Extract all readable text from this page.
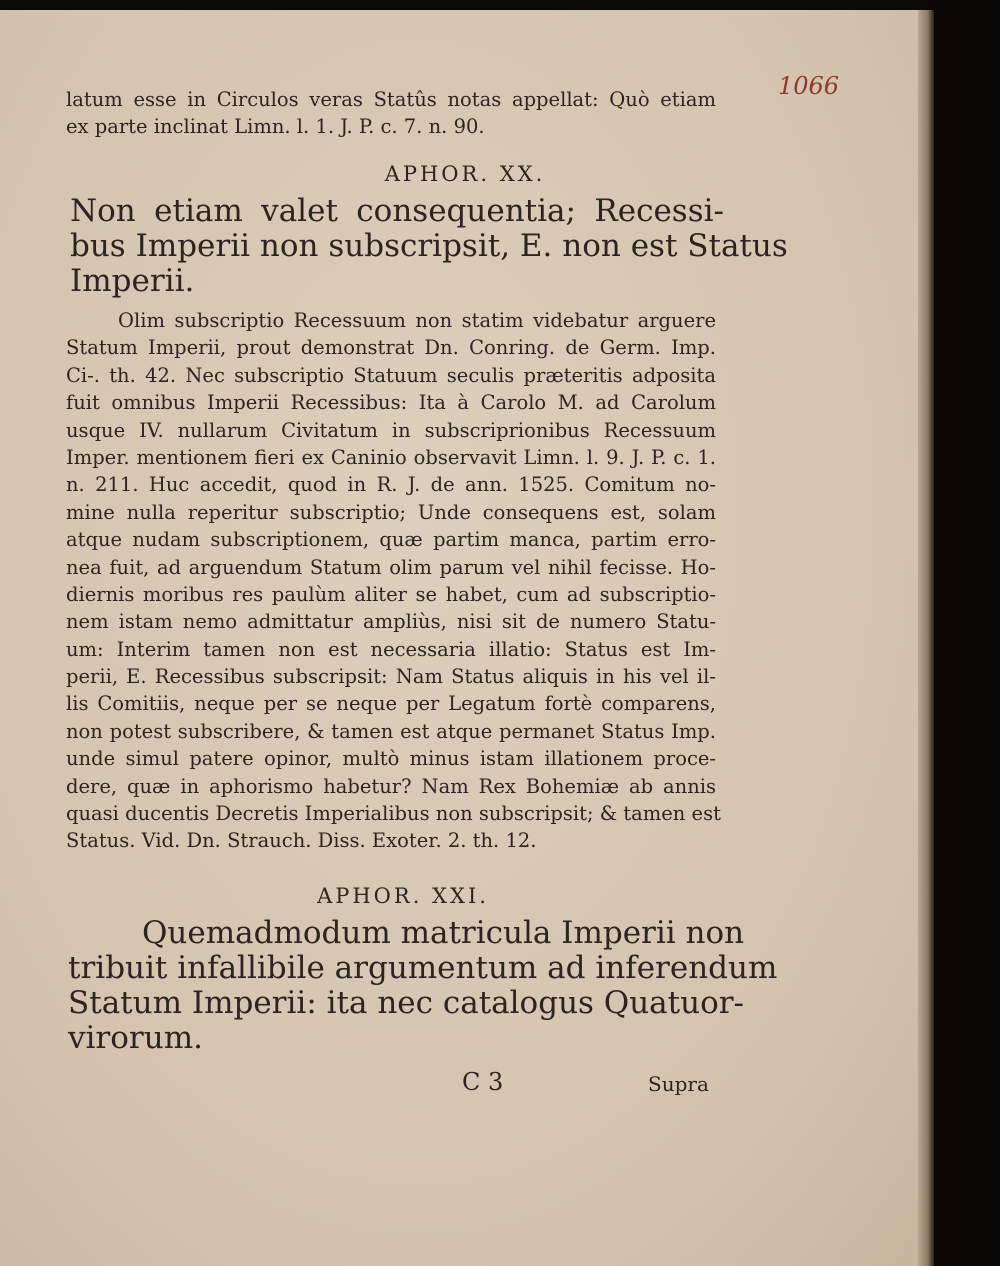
1066
latum esse in Circulos veras Statûs notas appellat: Quò etiam
ex parte inclinat Limn. l. 1. J. P. c. 7. n. 90.
APHOR. XX.
Non etiam valet consequentia; Recessi-
bus Imperii non subscripsit, E. non est Status
Imperii.
Olim subscriptio Recessuum non statim videbatur arguere
Statum Imperii, prout demonstrat Dn. Conring. de Germ. Imp.
Ci-. th. 42. Nec subscriptio Statuum seculis præteritis adposita
fuit omnibus Imperii Recessibus: Ita à Carolo M. ad Carolum
usque IV. nullarum Civitatum in subscriprionibus Recessuum
Imper. mentionem fieri ex Caninio observavit Limn. l. 9. J. P. c. 1.
n. 211. Huc accedit, quod in R. J. de ann. 1525. Comitum no-
mine nulla reperitur subscriptio; Unde consequens est, solam
atque nudam subscriptionem, quæ partim manca, partim erro-
nea fuit, ad arguendum Statum olim parum vel nihil fecisse. Ho-
diernis moribus res paulùm aliter se habet, cum ad subscriptio-
nem istam nemo admittatur ampliùs, nisi sit de numero Statu-
um: Interim tamen non est necessaria illatio: Status est Im-
perii, E. Recessibus subscripsit: Nam Status aliquis in his vel il-
lis Comitiis, neque per se neque per Legatum fortè comparens,
non potest subscribere, & tamen est atque permanet Status Imp.
unde simul patere opinor, multò minus istam illationem proce-
dere, quæ in aphorismo habetur? Nam Rex Bohemiæ ab annis
quasi ducentis Decretis Imperialibus non subscripsit; & tamen est
Status. Vid. Dn. Strauch. Diss. Exoter. 2. th. 12.
APHOR. XXI.
Quemadmodum matricula Imperii non
tribuit infallibile argumentum ad inferendum
Statum Imperii: ita nec catalogus Quatuor-
virorum.
C 3	Supra
